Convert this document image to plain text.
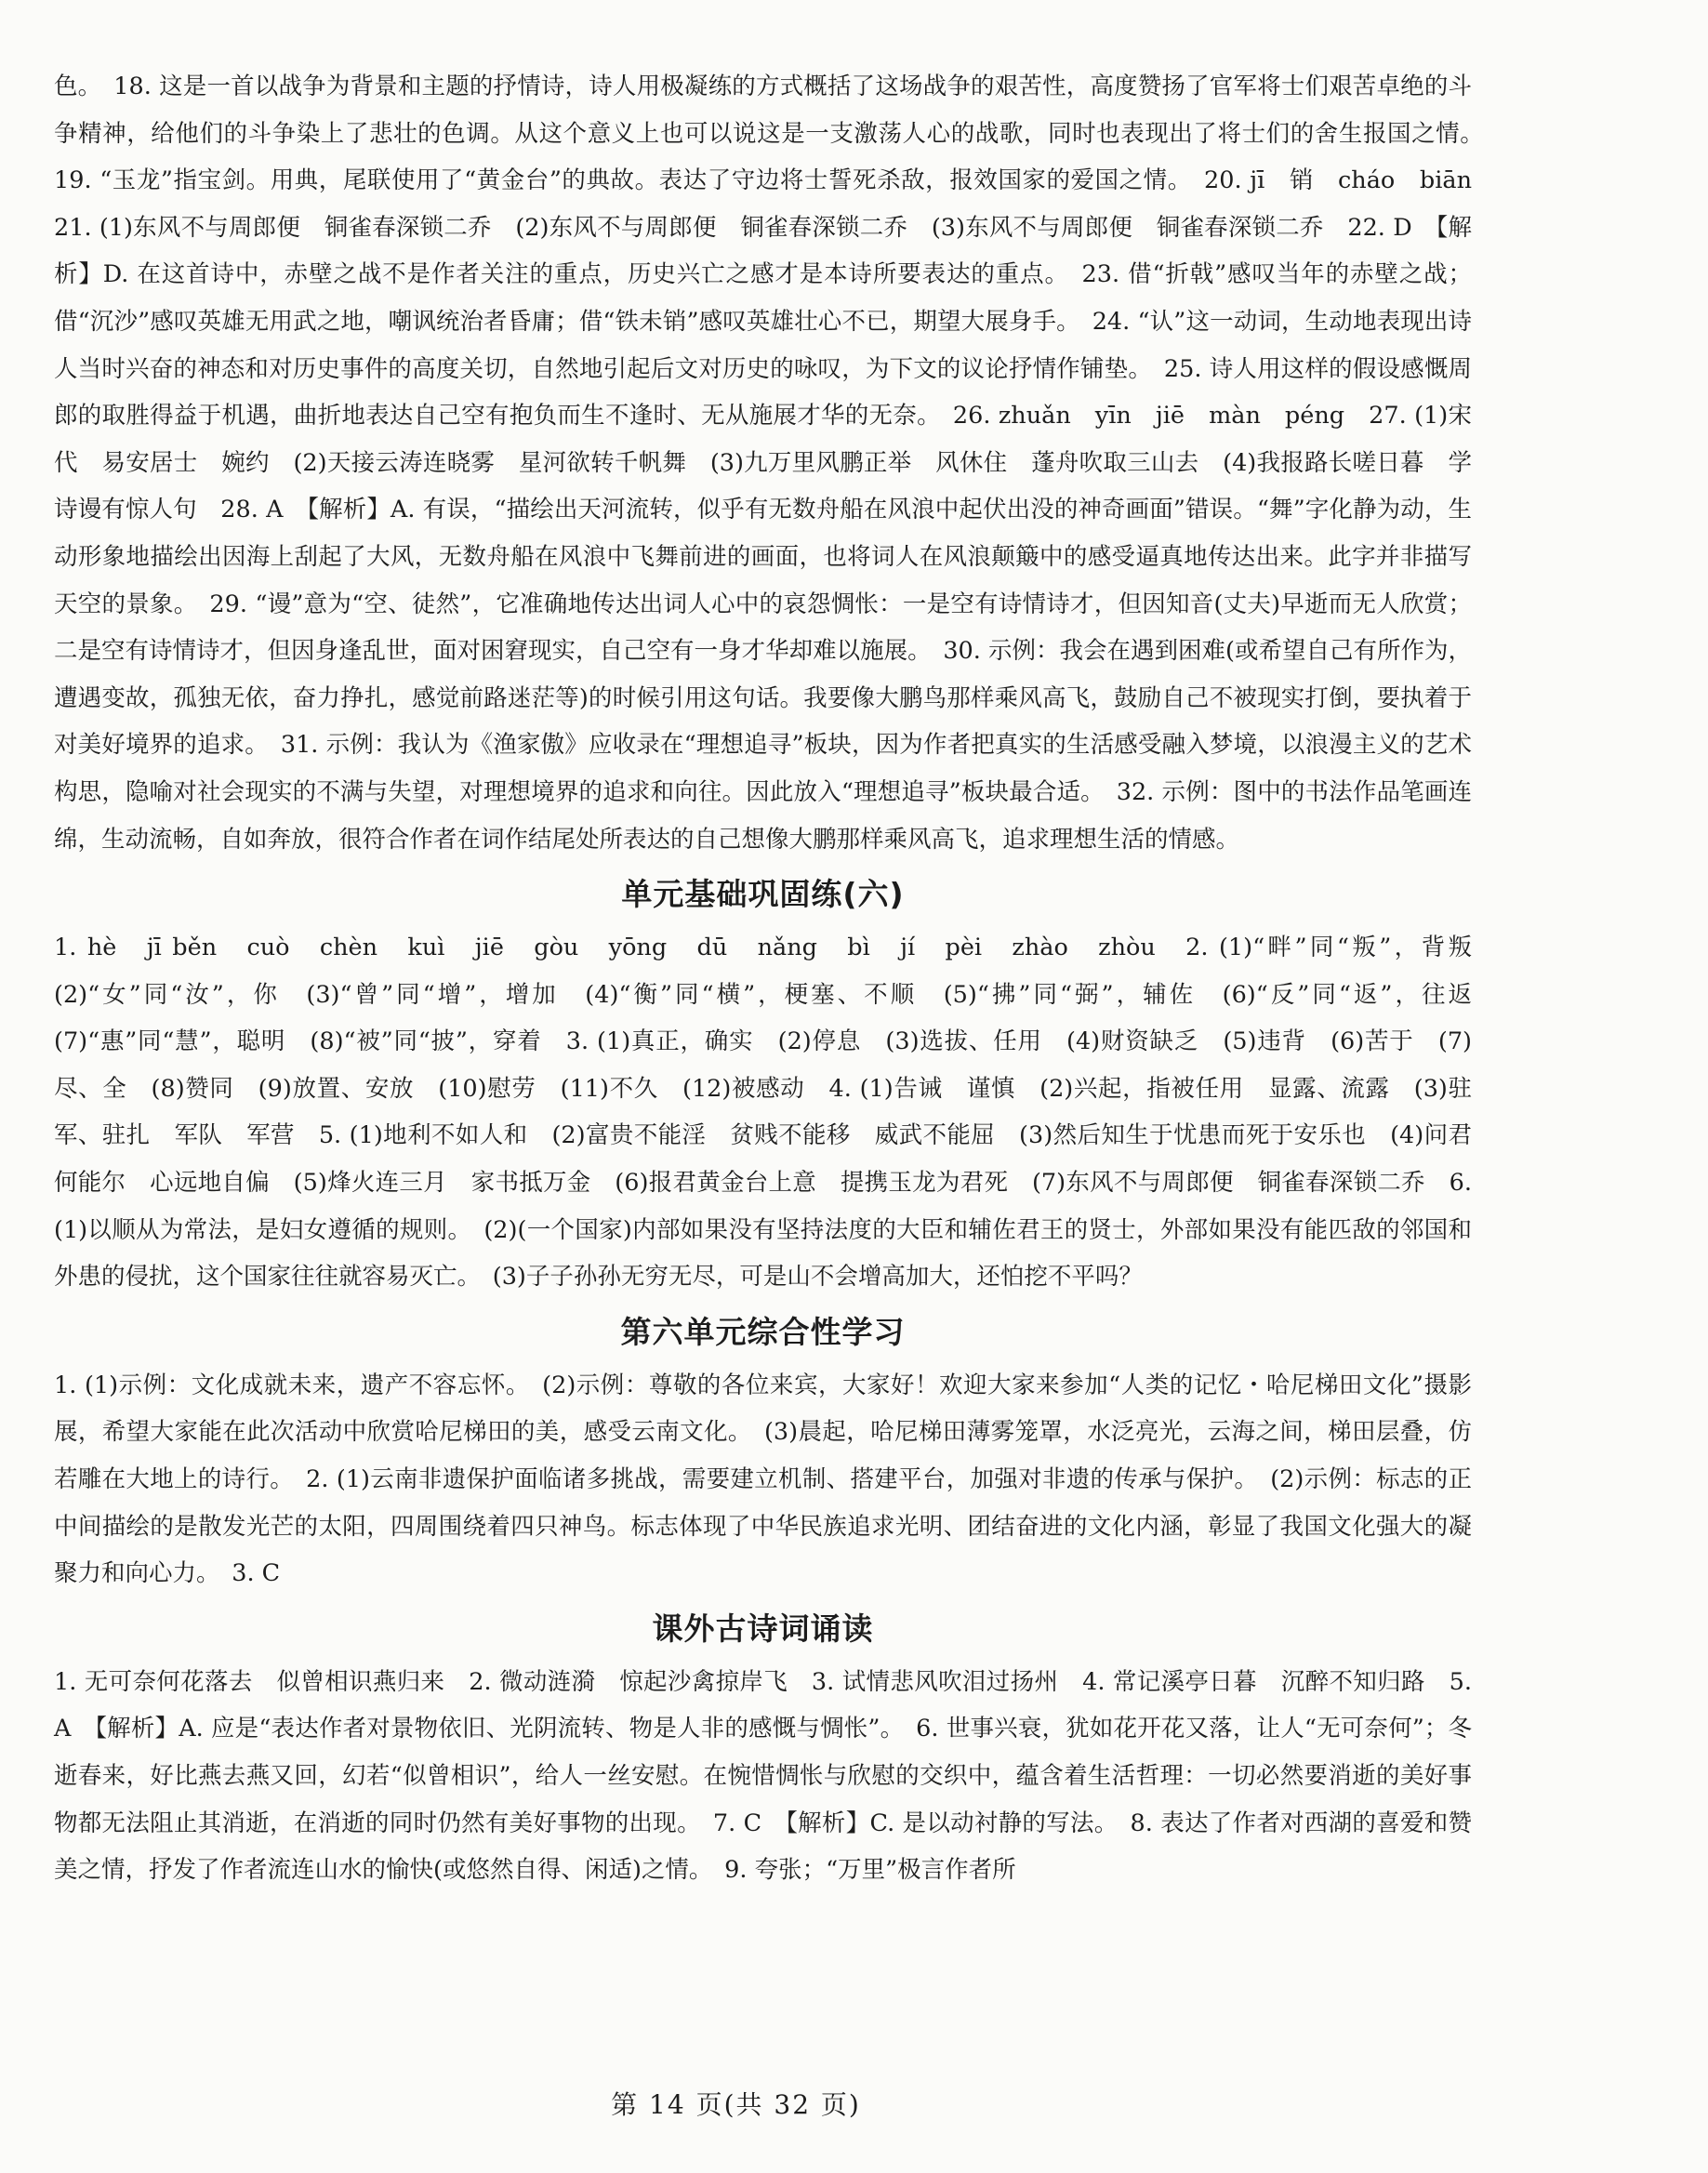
色。　18. 这是一首以战争为背景和主题的抒情诗，诗人用极凝练的方式概括了这场战争的艰苦性，高度赞扬了官军将士们艰苦卓绝的斗争精神，给他们的斗争染上了悲壮的色调。从这个意义上也可以说这是一支激荡人心的战歌，同时也表现出了将士们的舍生报国之情。　19. “玉龙”指宝剑。用典，尾联使用了“黄金台”的典故。表达了守边将士誓死杀敌，报效国家的爱国之情。　20. jī　销　cháo　biān　21. (1)东风不与周郎便　铜雀春深锁二乔　(2)东风不与周郎便　铜雀春深锁二乔　(3)东风不与周郎便　铜雀春深锁二乔　22. D　【解析】D. 在这首诗中，赤壁之战不是作者关注的重点，历史兴亡之感才是本诗所要表达的重点。　23. 借“折戟”感叹当年的赤壁之战；借“沉沙”感叹英雄无用武之地，嘲讽统治者昏庸；借“铁未销”感叹英雄壮心不已，期望大展身手。　24. “认”这一动词，生动地表现出诗人当时兴奋的神态和对历史事件的高度关切，自然地引起后文对历史的咏叹，为下文的议论抒情作铺垫。　25. 诗人用这样的假设感慨周郎的取胜得益于机遇，曲折地表达自己空有抱负而生不逢时、无从施展才华的无奈。　26. zhuǎn　yīn　jiē　màn　péng　27. (1)宋代　易安居士　婉约　(2)天接云涛连晓雾　星河欲转千帆舞　(3)九万里风鹏正举　风休住　蓬舟吹取三山去　(4)我报路长嗟日暮　学诗谩有惊人句　28. A　【解析】A. 有误，“描绘出天河流转，似乎有无数舟船在风浪中起伏出没的神奇画面”错误。“舞”字化静为动，生动形象地描绘出因海上刮起了大风，无数舟船在风浪中飞舞前进的画面，也将词人在风浪颠簸中的感受逼真地传达出来。此字并非描写天空的景象。　29. “谩”意为“空、徒然”，它准确地传达出词人心中的哀怨惆怅：一是空有诗情诗才，但因知音(丈夫)早逝而无人欣赏；二是空有诗情诗才，但因身逢乱世，面对困窘现实，自己空有一身才华却难以施展。　30. 示例：我会在遇到困难(或希望自己有所作为，遭遇变故，孤独无依，奋力挣扎，感觉前路迷茫等)的时候引用这句话。我要像大鹏鸟那样乘风高飞，鼓励自己不被现实打倒，要执着于对美好境界的追求。　31. 示例：我认为《渔家傲》应收录在“理想追寻”板块，因为作者把真实的生活感受融入梦境，以浪漫主义的艺术构思，隐喻对社会现实的不满与失望，对理想境界的追求和向往。因此放入“理想追寻”板块最合适。　32. 示例：图中的书法作品笔画连绵，生动流畅，自如奔放，很符合作者在词作结尾处所表达的自己想像大鹏那样乘风高飞，追求理想生活的情感。

单元基础巩固练(六)

1. hè　jī běn　cuò　chèn　kuì　jiē　gòu　yōng　dū　nǎng　bì　jí　pèi　zhào　zhòu　2. (1)“畔”同“叛”，背叛　(2)“女”同“汝”，你　(3)“曾”同“增”，增加　(4)“衡”同“横”，梗塞、不顺　(5)“拂”同“弼”，辅佐　(6)“反”同“返”，往返　(7)“惠”同“慧”，聪明　(8)“被”同“披”，穿着　3. (1)真正，确实　(2)停息　(3)选拔、任用　(4)财资缺乏　(5)违背　(6)苦于　(7)尽、全　(8)赞同　(9)放置、安放　(10)慰劳　(11)不久　(12)被感动　4. (1)告诫　谨慎　(2)兴起，指被任用　显露、流露　(3)驻军、驻扎　军队　军营　5. (1)地利不如人和　(2)富贵不能淫　贫贱不能移　威武不能屈　(3)然后知生于忧患而死于安乐也　(4)问君何能尔　心远地自偏　(5)烽火连三月　家书抵万金　(6)报君黄金台上意　提携玉龙为君死　(7)东风不与周郎便　铜雀春深锁二乔　6. (1)以顺从为常法，是妇女遵循的规则。　(2)(一个国家)内部如果没有坚持法度的大臣和辅佐君王的贤士，外部如果没有能匹敌的邻国和外患的侵扰，这个国家往往就容易灭亡。　(3)子子孙孙无穷无尽，可是山不会增高加大，还怕挖不平吗？

第六单元综合性学习

1. (1)示例：文化成就未来，遗产不容忘怀。　(2)示例：尊敬的各位来宾，大家好！欢迎大家来参加“人类的记忆・哈尼梯田文化”摄影展，希望大家能在此次活动中欣赏哈尼梯田的美，感受云南文化。　(3)晨起，哈尼梯田薄雾笼罩，水泛亮光，云海之间，梯田层叠，仿若雕在大地上的诗行。　2. (1)云南非遗保护面临诸多挑战，需要建立机制、搭建平台，加强对非遗的传承与保护。　(2)示例：标志的正中间描绘的是散发光芒的太阳，四周围绕着四只神鸟。标志体现了中华民族追求光明、团结奋进的文化内涵，彰显了我国文化强大的凝聚力和向心力。　3. C

课外古诗词诵读

1. 无可奈何花落去　似曾相识燕归来　2. 微动涟漪　惊起沙禽掠岸飞　3. 试情悲风吹泪过扬州　4. 常记溪亭日暮　沉醉不知归路　5. A　【解析】A. 应是“表达作者对景物依旧、光阴流转、物是人非的感慨与惆怅”。　6. 世事兴衰，犹如花开花又落，让人“无可奈何”；冬逝春来，好比燕去燕又回，幻若“似曾相识”，给人一丝安慰。在惋惜惆怅与欣慰的交织中，蕴含着生活哲理：一切必然要消逝的美好事物都无法阻止其消逝，在消逝的同时仍然有美好事物的出现。　7. C　【解析】C. 是以动衬静的写法。　8. 表达了作者对西湖的喜爱和赞美之情，抒发了作者流连山水的愉快(或悠然自得、闲适)之情。　9. 夸张；“万里”极言作者所

第 14 页(共 32 页)
